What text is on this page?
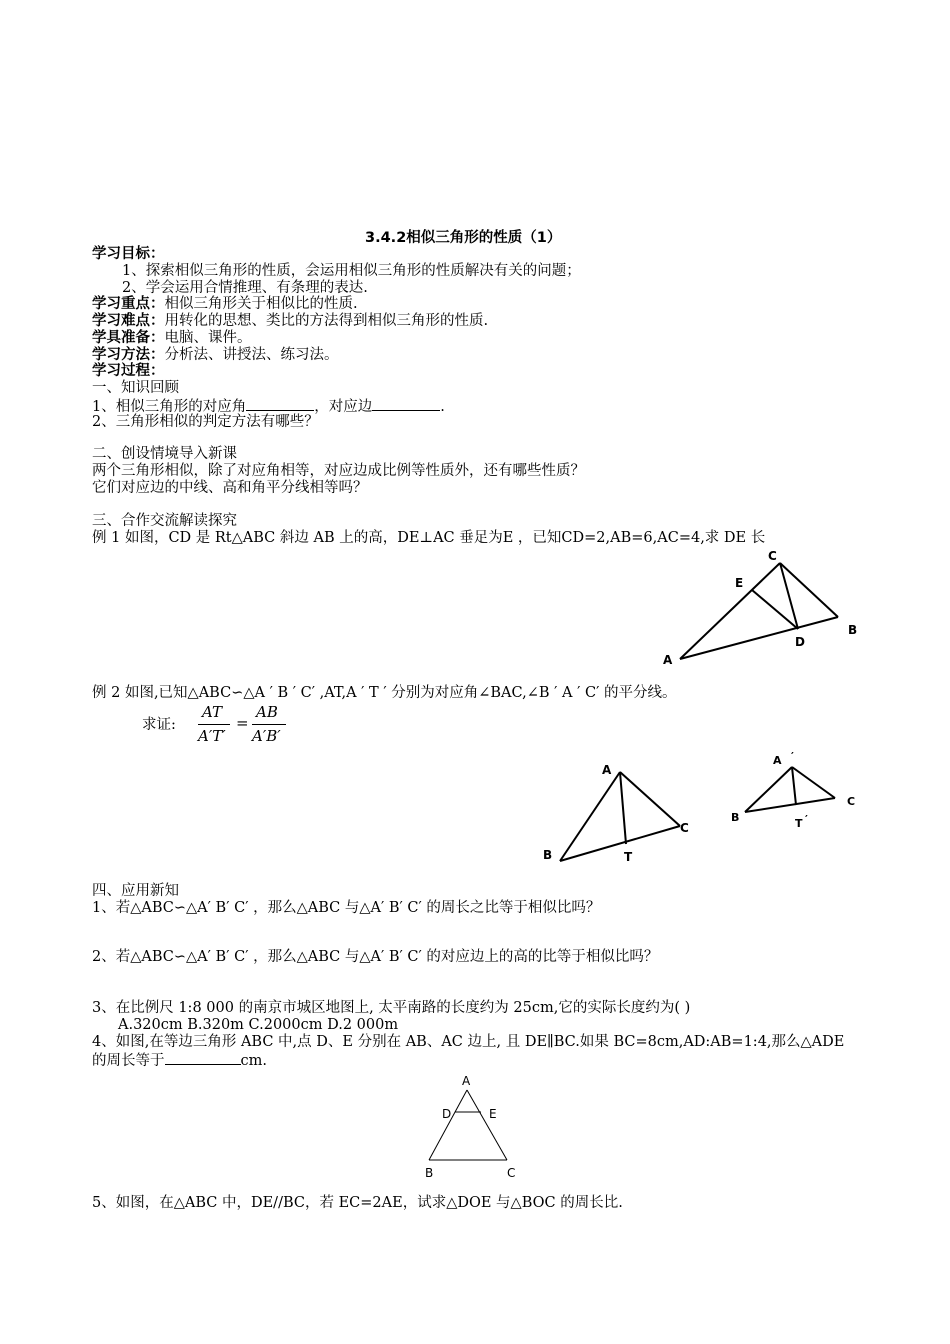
3.4.2相似三角形的性质（1）
学习目标：
1、探索相似三角形的性质，会运用相似三角形的性质解决有关的问题；
2、学会运用合情推理、有条理的表达.
学习重点：相似三角形关于相似比的性质.
学习难点：用转化的思想、类比的方法得到相似三角形的性质.
学具准备：电脑、课件。
学习方法：分析法、讲授法、练习法。
学习过程：
一、知识回顾
1、相似三角形的对应角	，对应边	.
2、三角形相似的判定方法有哪些？
二、创设情境导入新课
两个三角形相似，除了对应角相等，对应边成比例等性质外，还有哪些性质？
它们对应边的中线、高和角平分线相等吗？
三、合作交流解读探究
例 1 如图，CD 是 Rt△ABC 斜边 AB 上的高，DE⊥AC 垂足为E ，已知CD=2,AB=6,AC=4,求 DE 长
C
E
D
B
A
例 2 如图,已知△ABC∽△A ′ B ′ C′ ,AT,A ′ T ′ 分别为对应角∠BAC,∠B ′ A ′ C′ 的平分线。
求证:
AT
A′T′
=
AB
A′B′
A
B
C
T
A ′
B
C
T ′
四、应用新知
1、若△ABC∽△A′ B′ C′ ，那么△ABC 与△A′ B′ C′ 的周长之比等于相似比吗？
2、若△ABC∽△A′ B′ C′ ，那么△ABC 与△A′ B′ C′ 的对应边上的高的比等于相似比吗？
3、在比例尺 1:8 000 的南京市城区地图上, 太平南路的长度约为 25cm,它的实际长度约为( )
A.320cm B.320m C.2000cm D.2 000m
4、如图,在等边三角形 ABC 中,点 D、E 分别在 AB、AC 边上, 且 DE∥BC.如果 BC=8cm,AD:AB=1:4,那么△ADE
的周长等于	cm.
A
D	E
B	C
5、如图，在△ABC 中，DE//BC，若 EC=2AE，试求△DOE 与△BOC 的周长比.
